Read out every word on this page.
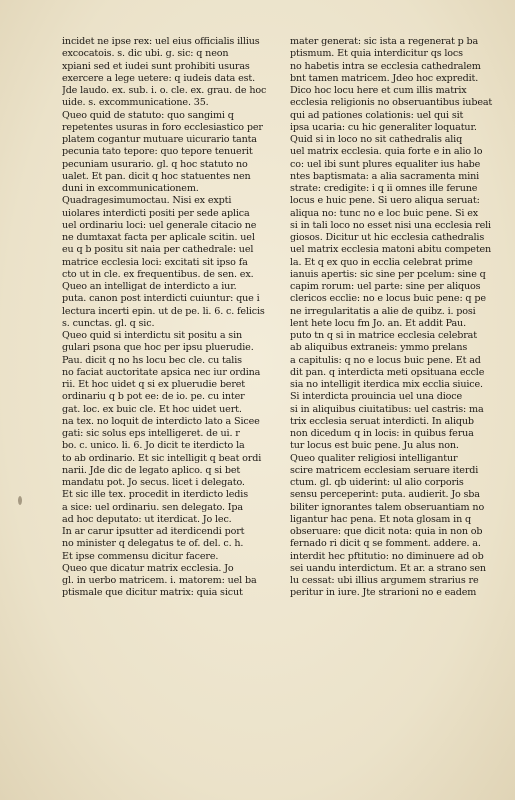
incidet ne ipse rex: uel eius officialis illius
excocatois. s. dic ubi. g. sic: q neon
xpiani sed et iudei sunt prohibiti usuras
exercere a lege uetere: q iudeis data est.
Jde laudo. ex. sub. i. o. cle. ex. grau. de hoc
uide. s. excommunicatione. 35.
Queo quid de statuto: quo sangimi q
repetentes usuras in foro ecclesiastico per
platem cogantur mutuare uicurario tanta
pecunia tato tepore: quo tepore tenuerit
pecuniam usurario. gl. q hoc statuto no
ualet. Et pan. dicit q hoc statuentes nen
duni in excommunicationem.
Quadragesimumoctau. Nisi ex expti
uiolares interdicti positi per sede aplica
uel ordinariu loci: uel generale citacio ne
ne dumtaxat facta per aplicale scitin. uel
eu q b positu sit naia per cathedrale: uel
matrice ecclesia loci: excitati sit ipso fa
cto ut in cle. ex frequentibus. de sen. ex.
Queo an intelligat de interdicto a iur.
puta. canon post interdicti cuiuntur: que i
lectura incerti epin. ut de pe. li. 6. c. felicis
s. cunctas. gl. q sic.
Queo quid si interdictu sit positu a sin
gulari psona que hoc per ipsu pluerudie.
Pau. dicit q no hs locu bec cle. cu talis
no faciat auctoritate apsica nec iur ordina
rii. Et hoc uidet q si ex pluerudie beret
ordinariu q b pot ee: de io. pe. cu inter
gat. loc. ex buic cle. Et hoc uidet uert.
na tex. no loquit de interdicto lato a Sicee
gati: sic solus eps intelligeret. de ui. r
bo. c. unico. li. 6. Jo dicit te iterdicto la
to ab ordinario. Et sic intelligit q beat ordi
narii. Jde dic de legato aplico. q si bet
mandatu pot. Jo secus. licet i delegato.
Et sic ille tex. procedit in iterdicto ledis
a sice: uel ordinariu. sen delegato. Ipa
ad hoc deputato: ut iterdicat. Jo lec.
In ar carur ipsutter ad iterdicendi port
no minister q delegatus te of. del. c. h.
Et ipse commensu dicitur facere.
Queo que dicatur matrix ecclesia. Jo
gl. in uerbo matricem. i. matorem: uel ba
ptismale que dicitur matrix: quia sicut
mater generat: sic ista a regenerat p ba
ptismum. Et quia interdicitur qs locs
no habetis intra se ecclesia cathedralem
bnt tamen matricem. Jdeo hoc expredit.
Dico hoc locu here et cum illis matrix
ecclesia religionis no obseruantibus iubeat
qui ad pationes colationis: uel qui sit
ipsa ucaria: cu hic generaliter loquatur.
Quid si in loco no sit cathedralis aliq
uel matrix ecclesia. quia forte e in alio lo
co: uel ibi sunt plures equaliter ius habe
ntes baptismata: a alia sacramenta mini
strate: credigite: i q ii omnes ille ferune
locus e huic pene. Si uero aliqua seruat:
aliqua no: tunc no e loc buic pene. Si ex
si in tali loco no esset nisi una ecclesia reli
giosos. Dicitur ut hic ecclesia cathedralis
uel matrix ecclesia matoni abitu competen
la. Et q ex quo in ecclia celebrat prime
ianuis apertis: sic sine per pcelum: sine q
capim rorum: uel parte: sine per aliquos
clericos ecclie: no e locus buic pene: q pe
ne irregularitatis a alie de quibz. i. posi
lent hete locu fm Jo. an. Et addit Pau.
puto tn q si in matrice ecclesia celebrat
ab aliquibus extraneis: ymmo prelans
a capitulis: q no e locus buic pene. Et ad
dit pan. q interdicta meti opsituana eccle
sia no intelligit iterdica mix ecclia siuice.
Si interdicta prouincia uel una dioce
si in aliquibus ciuitatibus: uel castris: ma
trix ecclesia seruat interdicti. In aliqub
non dicedum q in locis: in quibus ferua
tur locus est buic pene. Ju alus non.
Queo qualiter religiosi intelligantur
scire matricem ecclesiam seruare iterdi
ctum. gl. qb uiderint: ul alio corporis
sensu perceperint: puta. audierit. Jo sba
biliter ignorantes talem obseruantiam no
ligantur hac pena. Et nota glosam in q
obseruare: que dicit nota: quia in non ob
fernado ri dicit q se fomment. addere. a.
interdit hec pftitutio: no diminuere ad ob
sei uandu interdictum. Et ar. a strano sen
lu cessat: ubi illius argumem strarius re
peritur in iure. Jte strarioni no e eadem
